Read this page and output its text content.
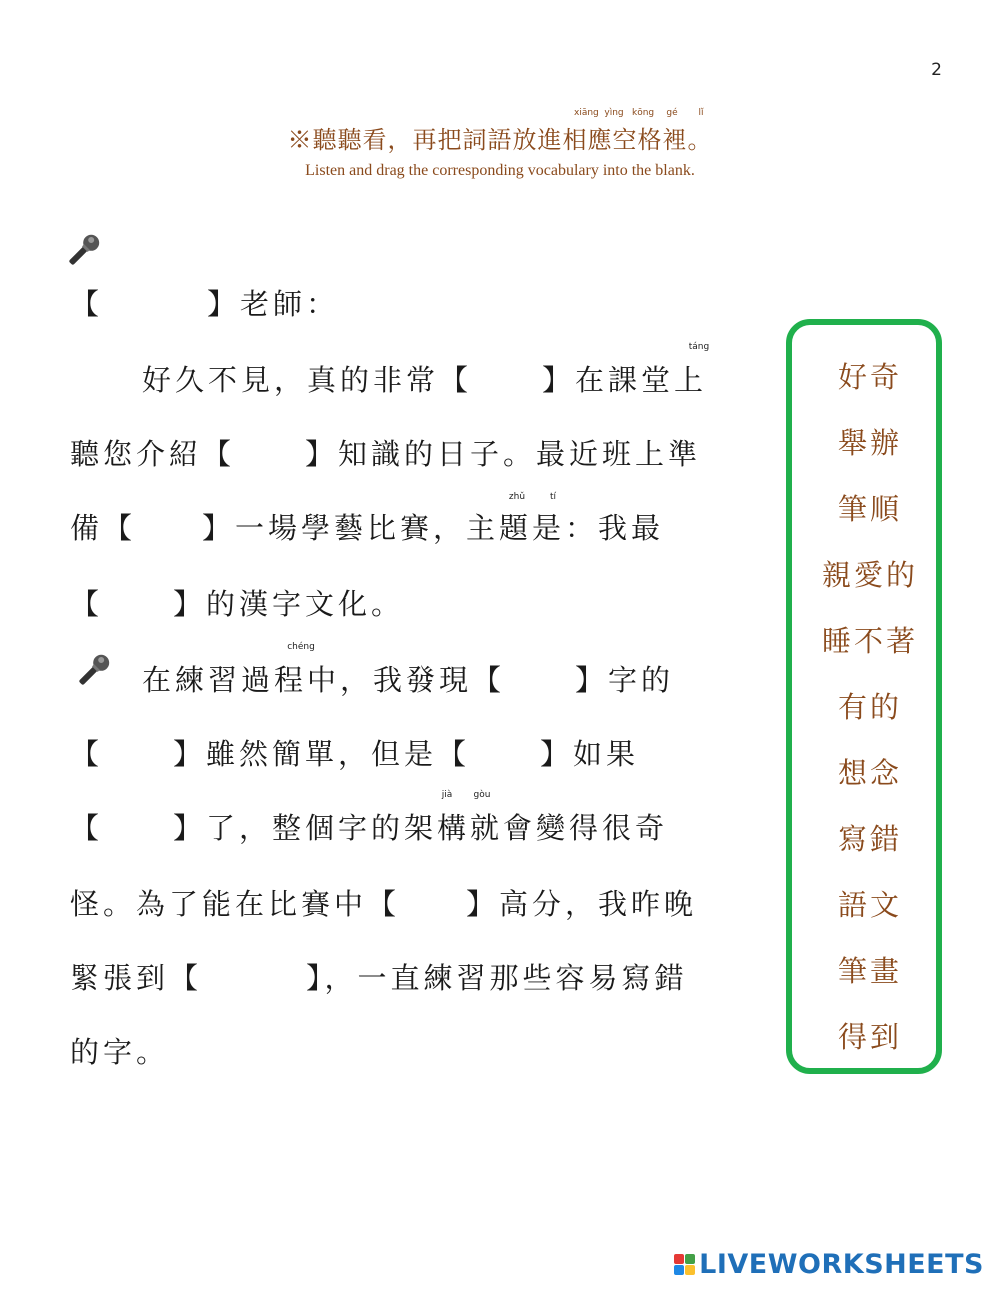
2
xiāng yìng kōng	gé	lǐ
※聽聽看，再把詞語放進相應空格裡。
Listen and drag the corresponding vocabulary into the blank.
【	】老師：
táng
好久不見，真的非常【 】在課堂上
聽您介紹【 】知識的日子。最近班上準
zhǔ	tí
備【 】一場學藝比賽，主題是：我最
【 】的漢字文化。
chéng
在練習過程中，我發現【 】字的
【 】雖然簡單，但是【 】如果
jià	gòu
【 】了，整個字的架構就會變得很奇
怪。為了能在比賽中【 】高分，我昨晚
緊張到【	】，一直練習那些容易寫錯
的字。
好奇
舉辦
筆順
親愛的
睡不著
有的
想念
寫錯
語文
筆畫
得到
LIVEWORKSHEETS
